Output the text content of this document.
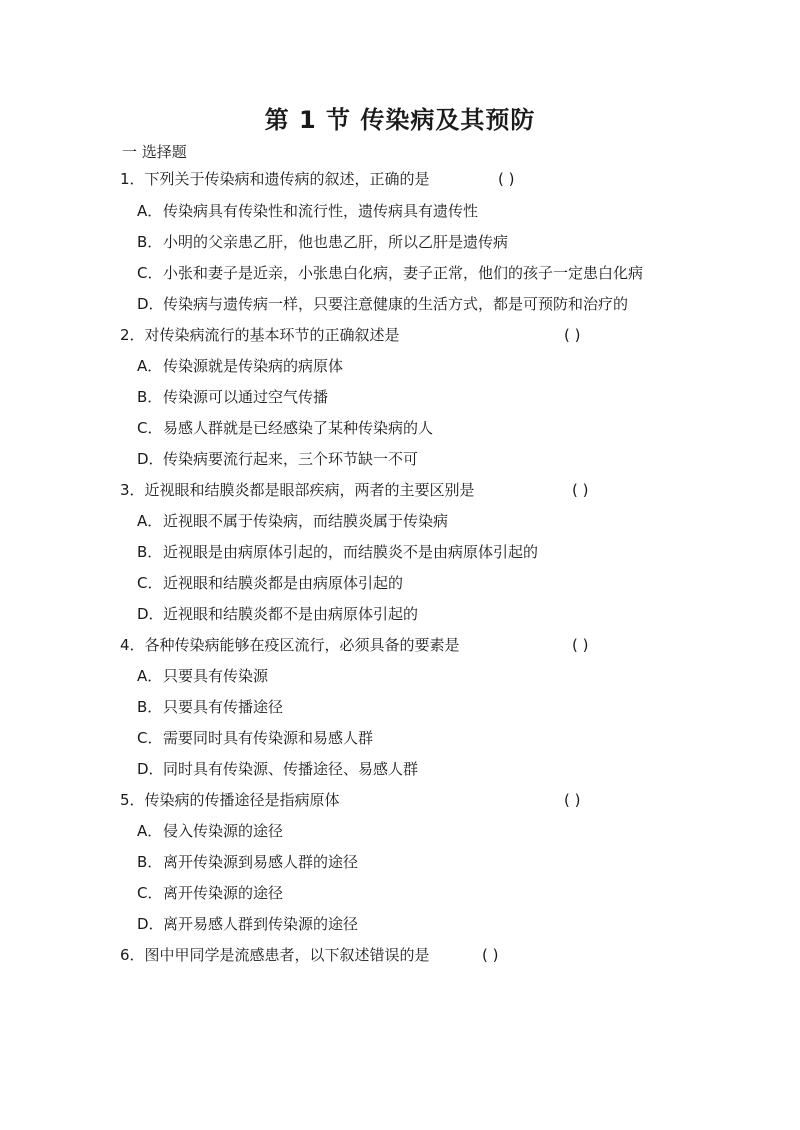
第 1 节 传染病及其预防
一 选择题
1．下列关于传染病和遗传病的叙述，正确的是	( )
A．传染病具有传染性和流行性，遗传病具有遗传性
B．小明的父亲患乙肝，他也患乙肝，所以乙肝是遗传病
C．小张和妻子是近亲，小张患白化病，妻子正常，他们的孩子一定患白化病
D．传染病与遗传病一样，只要注意健康的生活方式，都是可预防和治疗的
2．对传染病流行的基本环节的正确叙述是	( )
A．传染源就是传染病的病原体
B．传染源可以通过空气传播
C．易感人群就是已经感染了某种传染病的人
D．传染病要流行起来，三个环节缺一不可
3．近视眼和结膜炎都是眼部疾病，两者的主要区别是	( )
A．近视眼不属于传染病，而结膜炎属于传染病
B．近视眼是由病原体引起的，而结膜炎不是由病原体引起的
C．近视眼和结膜炎都是由病原体引起的
D．近视眼和结膜炎都不是由病原体引起的
4．各种传染病能够在疫区流行，必须具备的要素是	( )
A．只要具有传染源
B．只要具有传播途径
C．需要同时具有传染源和易感人群
D．同时具有传染源、传播途径、易感人群
5．传染病的传播途径是指病原体	( )
A．侵入传染源的途径
B．离开传染源到易感人群的途径
C．离开传染源的途径
D．离开易感人群到传染源的途径
6．图中甲同学是流感患者，以下叙述错误的是	( )
